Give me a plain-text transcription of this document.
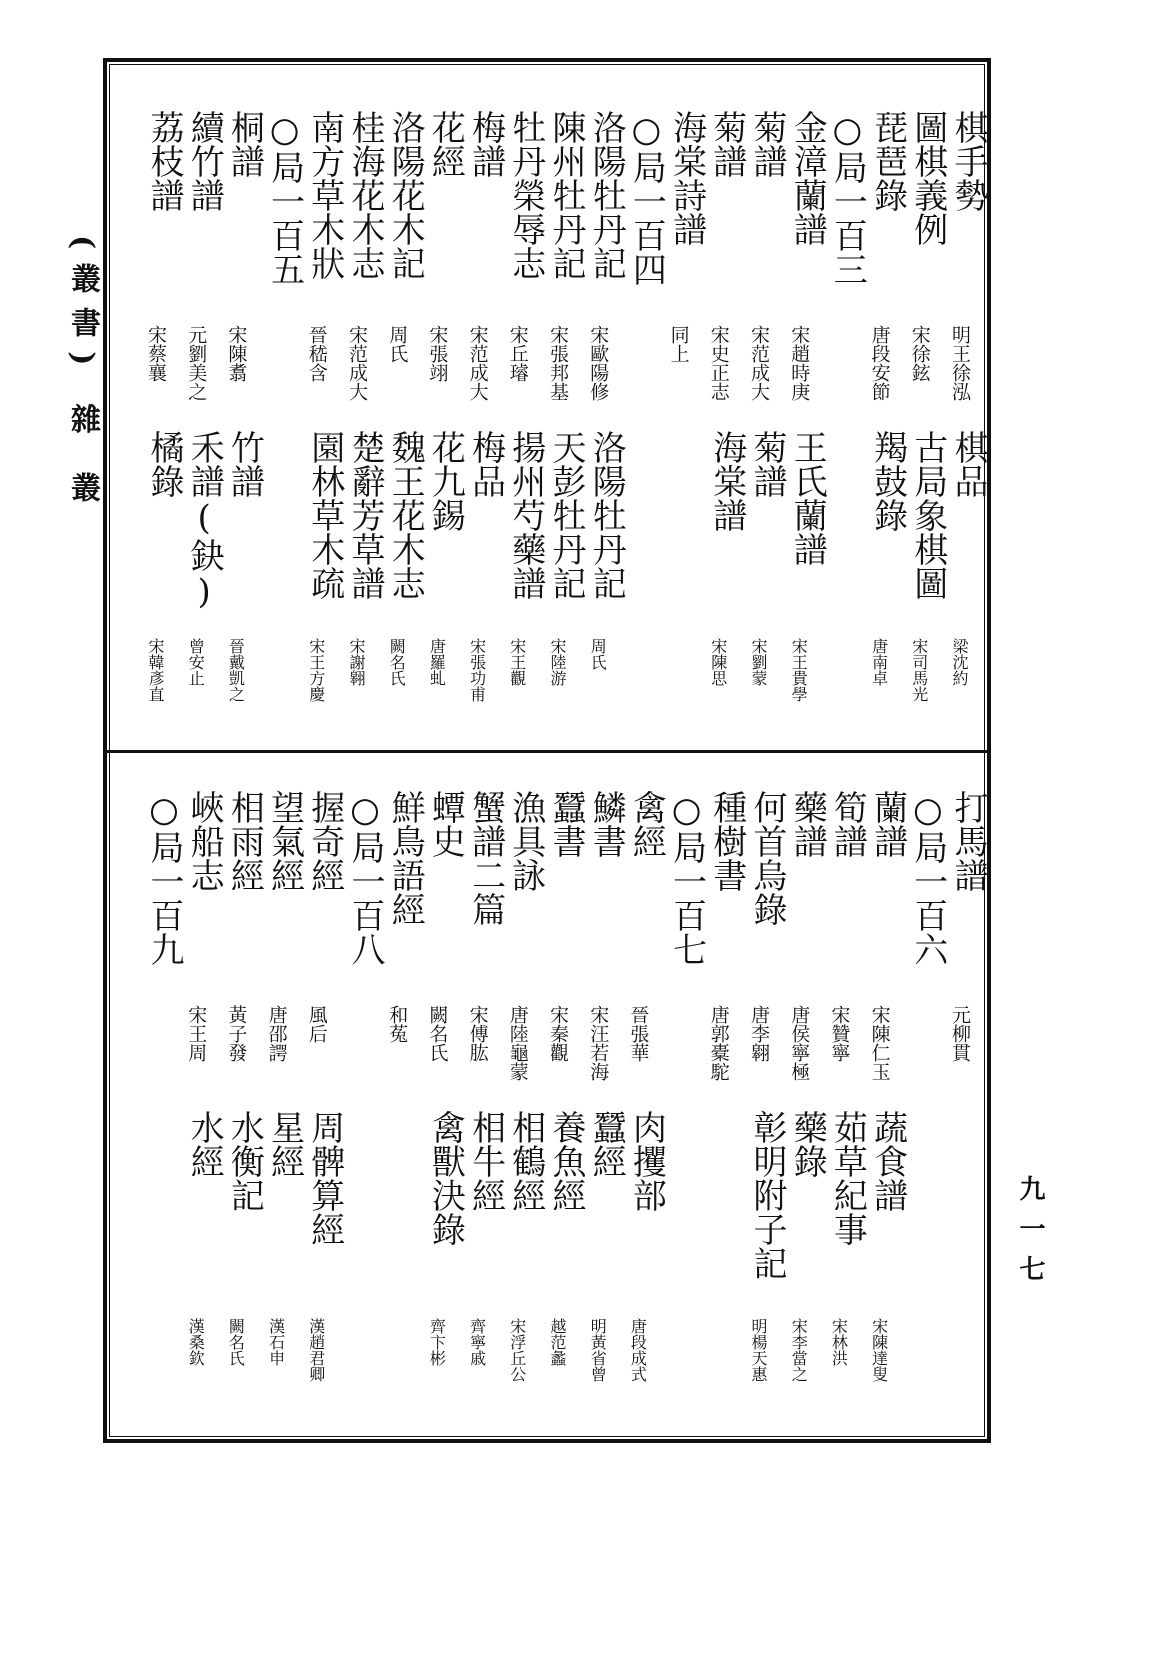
(叢書) 雜 叢
九一七
棋手勢
明王徐泓
棋品
梁沈約
圖棋義例
宋徐鉉
古局象棋圖
宋司馬光
琵琶錄
唐段安節
羯鼓錄
唐南卓
○局一百三
金漳蘭譜
宋趙時庚
王氏蘭譜
宋王貴學
菊譜
宋范成大
菊譜
宋劉蒙
菊譜
宋史正志
海棠譜
宋陳思
海棠詩譜
同上
○局一百四
洛陽牡丹記
宋歐陽修
洛陽牡丹記
周氏
陳州牡丹記
宋張邦基
天彭牡丹記
宋陸游
牡丹榮辱志
宋丘璿
揚州芍藥譜
宋王觀
梅譜
宋范成大
梅品
宋張功甫
花經
宋張翊
花九錫
唐羅虬
洛陽花木記
周氏
魏王花木志
闕名氏
桂海花木志
宋范成大
楚辭芳草譜
宋謝翱
南方草木狀
晉嵇含
園林草木疏
宋王方慶
○局一百五
桐譜
宋陳翥
竹譜
晉戴凱之
續竹譜
元劉美之
禾譜(鈌)
曾安止
荔枝譜
宋蔡襄
橘錄
宋韓彥直
打馬譜
元柳貫
○局一百六
蘭譜
宋陳仁玉
蔬食譜
宋陳達叟
筍譜
宋贊寧
茹草紀事
宋林洪
藥譜
唐侯寧極
藥錄
宋李當之
何首烏錄
唐李翱
彰明附子記
明楊天惠
種樹書
唐郭橐駝
○局一百七
禽經
晉張華
肉攫部
唐段成式
鱗書
宋汪若海
蠶經
明黃省曾
蠶書
宋秦觀
養魚經
越范蠡
漁具詠
唐陸龜蒙
相鶴經
宋浮丘公
蟹譜二篇
宋傅肱
相牛經
齊寧戚
蟫史
闕名氏
禽獸決錄
齊卞彬
鮮鳥語經
和菟
○局一百八
握奇經
風后
周髀算經
漢趙君卿
望氣經
唐邵諤
星經
漢石申
相雨經
黃子發
水衡記
闕名氏
峽船志
宋王周
水經
漢桑欽
○局一百九
